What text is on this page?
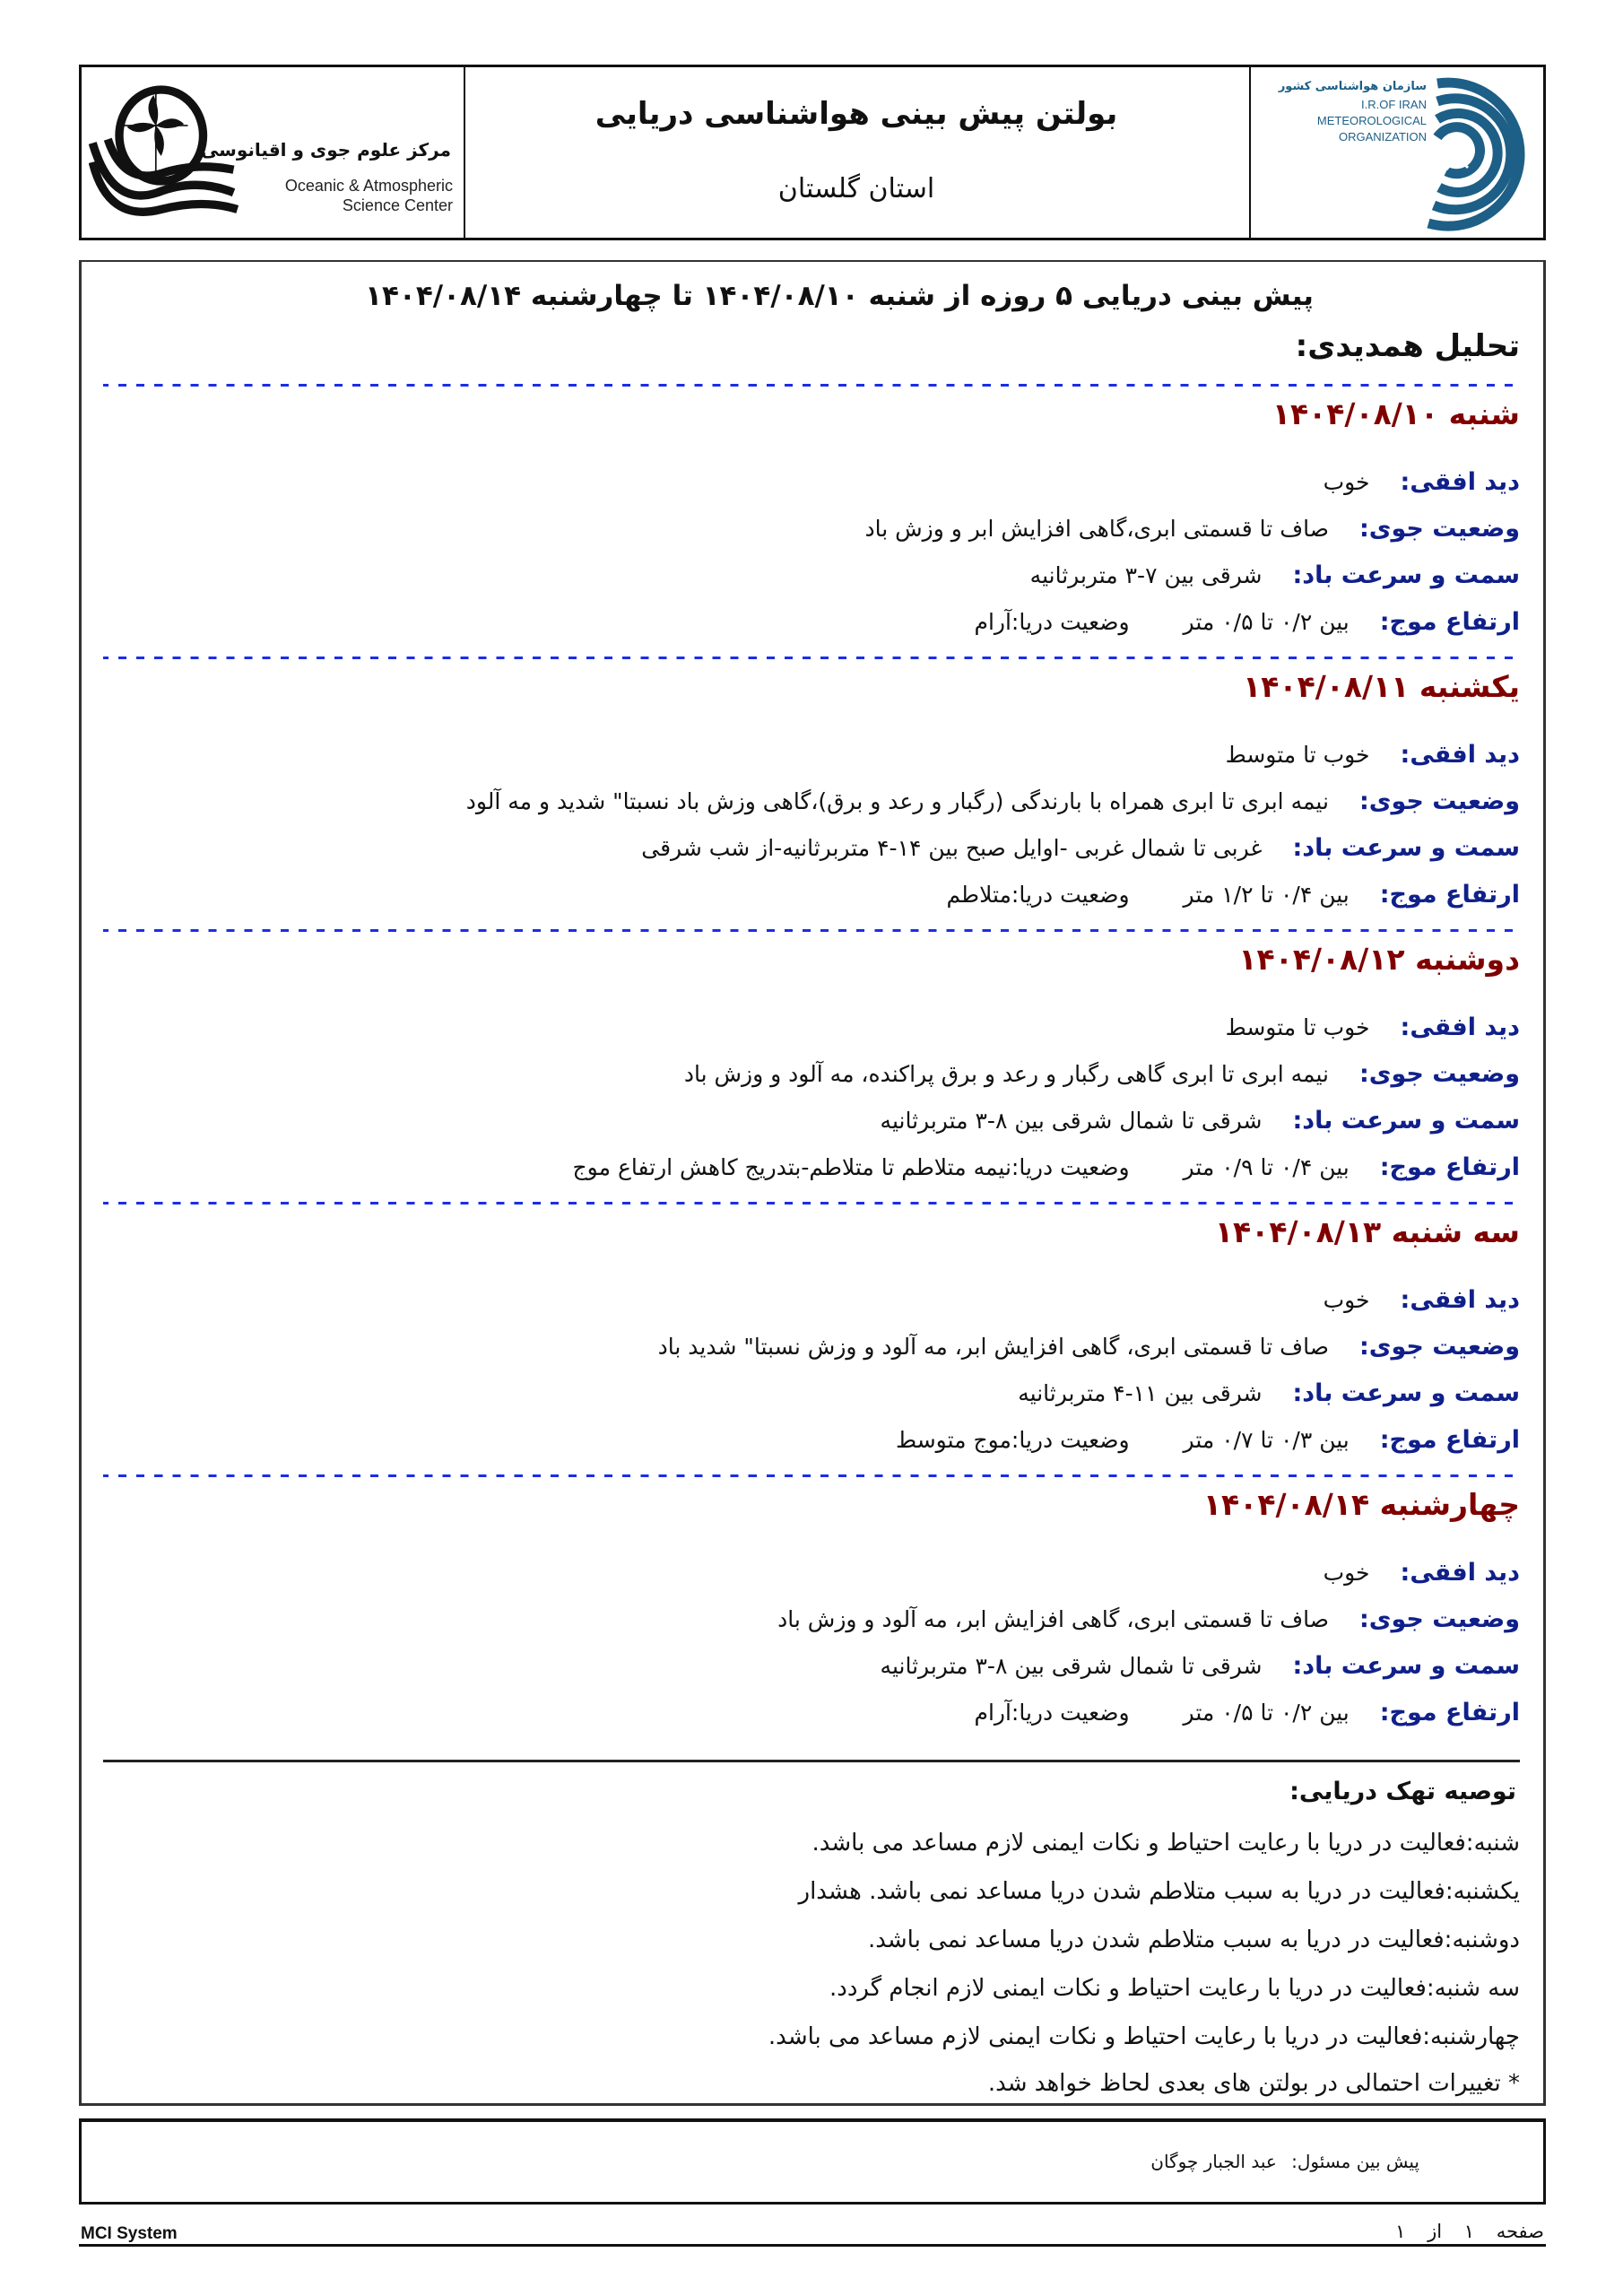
مرکز علوم جوی و اقیانوسی
Oceanic & Atmospheric
Science Center
بولتن پیش بینی هواشناسی دریایی
استان گلستان
سازمان هواشناسی کشور
I.R.OF IRAN
METEOROLOGICAL
ORGANIZATION
پیش بینی دریایی ۵ روزه از شنبه ۱۴۰۴/۰۸/۱۰ تا چهارشنبه ۱۴۰۴/۰۸/۱۴
تحلیل همدیدی:
شنبه ۱۴۰۴/۰۸/۱۰
دید افقی:خوب
وضعیت جوی:صاف تا قسمتی ابری،گاهی افزایش ابر و وزش باد
سمت و سرعت باد:شرقی بین ۷-۳ متربرثانیه
ارتفاع موج:بین ۰/۲ تا ۰/۵ متروضعیت دریا:آرام
یکشنبه ۱۴۰۴/۰۸/۱۱
دید افقی:خوب تا متوسط
وضعیت جوی:نیمه ابری تا ابری همراه با بارندگی (رگبار و رعد و برق)،گاهی وزش باد نسبتا" شدید و مه آلود
سمت و سرعت باد:غربی تا شمال غربی -اوایل صبح بین ۱۴-۴ متربرثانیه-از شب شرقی
ارتفاع موج:بین ۰/۴ تا ۱/۲ متروضعیت دریا:متلاطم
دوشنبه ۱۴۰۴/۰۸/۱۲
دید افقی:خوب تا متوسط
وضعیت جوی:نیمه ابری تا ابری گاهی رگبار و رعد و برق پراکنده، مه آلود و وزش باد
سمت و سرعت باد:شرقی تا شمال شرقی بین ۸-۳ متربرثانیه
ارتفاع موج:بین ۰/۴ تا ۰/۹ متروضعیت دریا:نیمه متلاطم تا متلاطم-بتدریج کاهش ارتفاع موج
سه شنبه ۱۴۰۴/۰۸/۱۳
دید افقی:خوب
وضعیت جوی:صاف تا قسمتی ابری، گاهی افزایش ابر، مه آلود و وزش نسبتا" شدید باد
سمت و سرعت باد:شرقی بین ۱۱-۴ متربرثانیه
ارتفاع موج:بین ۰/۳ تا ۰/۷ متروضعیت دریا:موج متوسط
چهارشنبه ۱۴۰۴/۰۸/۱۴
دید افقی:خوب
وضعیت جوی:صاف تا قسمتی ابری، گاهی افزایش ابر، مه آلود و وزش باد
سمت و سرعت باد:شرقی تا شمال شرقی بین ۸-۳ متربرثانیه
ارتفاع موج:بین ۰/۲ تا ۰/۵ متروضعیت دریا:آرام
توصیه تهک دریایی:
شنبه:فعالیت در دریا با رعایت احتیاط و نکات ایمنی لازم مساعد می باشد.
یکشنبه:فعالیت در دریا به سبب متلاطم شدن دریا مساعد نمی باشد. هشدار
دوشنبه:فعالیت در دریا به سبب متلاطم شدن دریا مساعد نمی باشد.
سه شنبه:فعالیت در دریا با رعایت احتیاط و نکات ایمنی لازم انجام گردد.
چهارشنبه:فعالیت در دریا با رعایت احتیاط و نکات ایمنی لازم مساعد می باشد.
* تغییرات احتمالی در بولتن های بعدی لحاظ خواهد شد.
پیش بین مسئول: عبد الجبار چوگان
MCI System	صفحه ۱ از ۱
